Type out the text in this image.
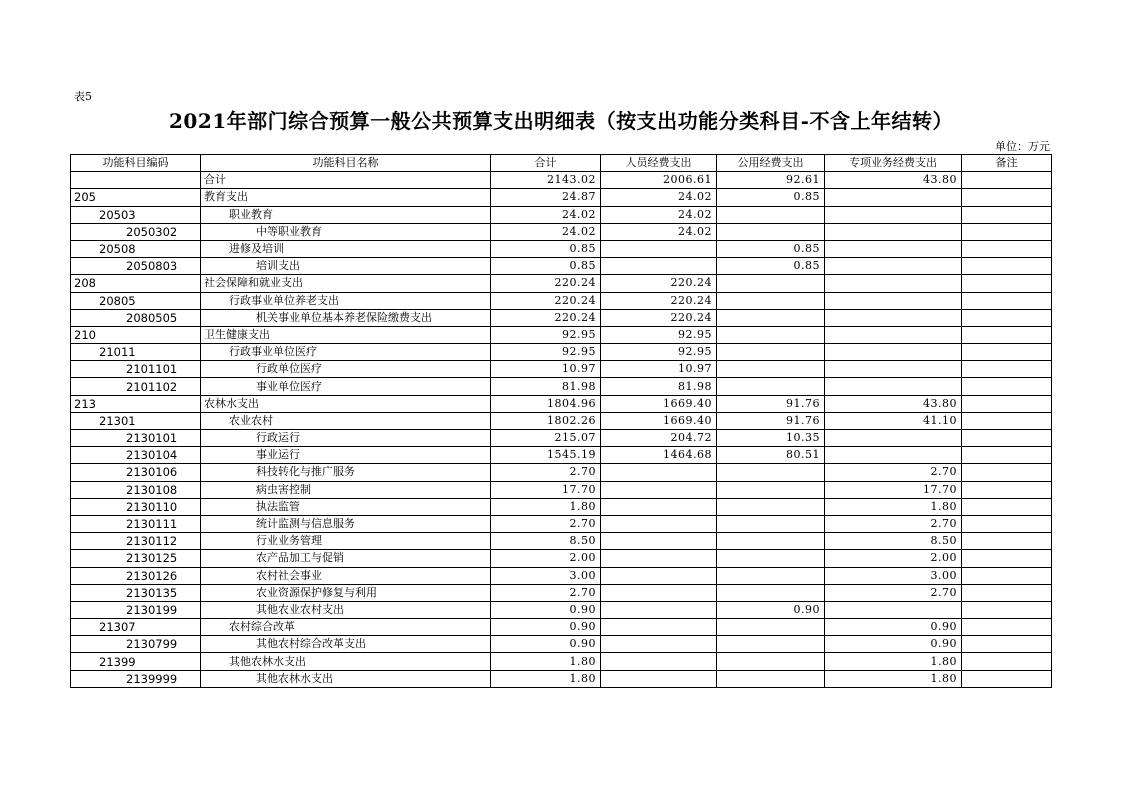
表5
2021年部门综合预算一般公共预算支出明细表（按支出功能分类科目-不含上年结转）
单位：万元
功能科目编码	功能科目名称	合计	人员经费支出	公用经费支出	专项业务经费支出	备注
	合计	2143.02	2006.61	92.61	43.80	
205	教育支出	24.87	24.02	0.85		
20503	职业教育	24.02	24.02			
2050302	中等职业教育	24.02	24.02			
20508	进修及培训	0.85		0.85		
2050803	培训支出	0.85		0.85		
208	社会保障和就业支出	220.24	220.24			
20805	行政事业单位养老支出	220.24	220.24			
2080505	机关事业单位基本养老保险缴费支出	220.24	220.24			
210	卫生健康支出	92.95	92.95			
21011	行政事业单位医疗	92.95	92.95			
2101101	行政单位医疗	10.97	10.97			
2101102	事业单位医疗	81.98	81.98			
213	农林水支出	1804.96	1669.40	91.76	43.80	
21301	农业农村	1802.26	1669.40	91.76	41.10	
2130101	行政运行	215.07	204.72	10.35		
2130104	事业运行	1545.19	1464.68	80.51		
2130106	科技转化与推广服务	2.70			2.70	
2130108	病虫害控制	17.70			17.70	
2130110	执法监管	1.80			1.80	
2130111	统计监测与信息服务	2.70			2.70	
2130112	行业业务管理	8.50			8.50	
2130125	农产品加工与促销	2.00			2.00	
2130126	农村社会事业	3.00			3.00	
2130135	农业资源保护修复与利用	2.70			2.70	
2130199	其他农业农村支出	0.90		0.90		
21307	农村综合改革	0.90			0.90	
2130799	其他农村综合改革支出	0.90			0.90	
21399	其他农林水支出	1.80			1.80	
2139999	其他农林水支出	1.80			1.80	
